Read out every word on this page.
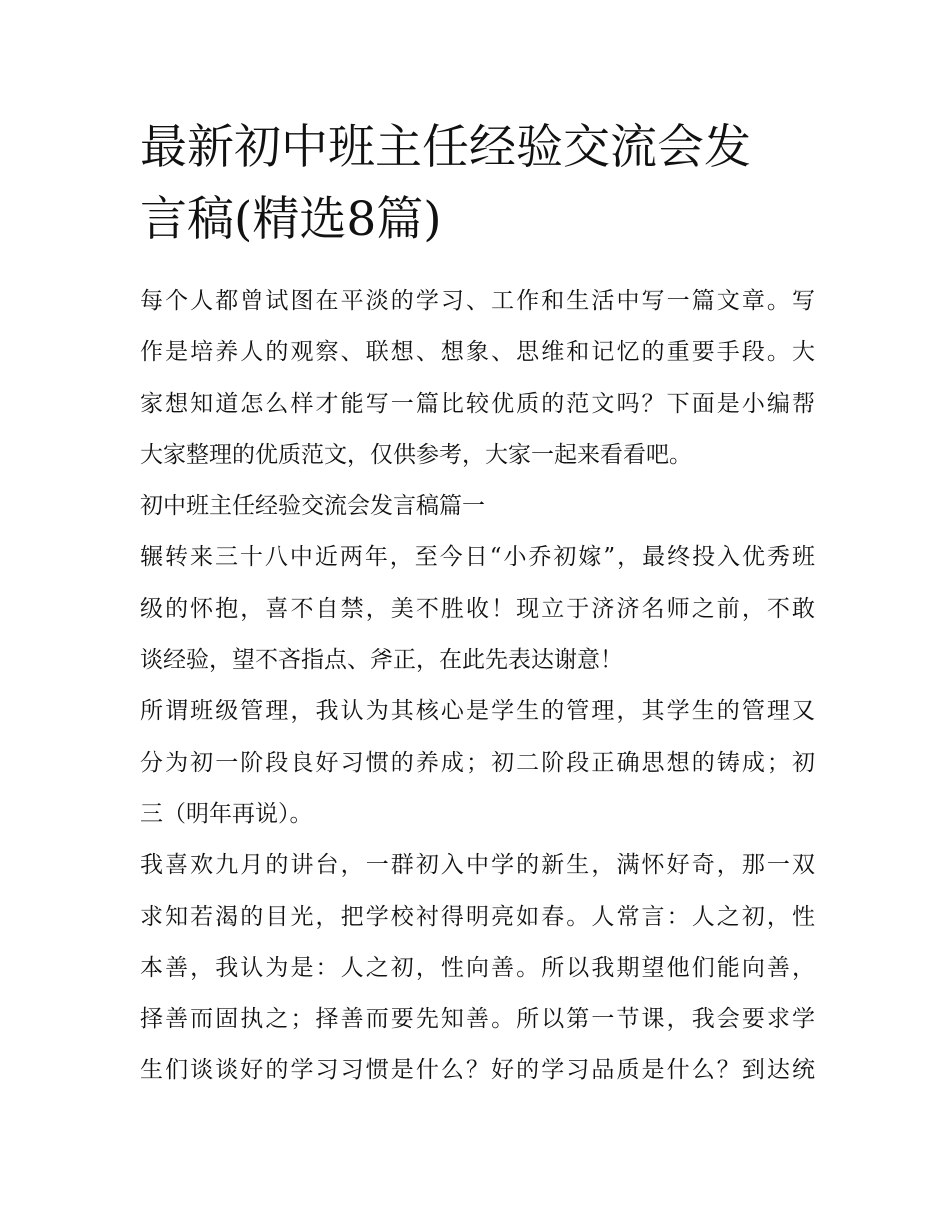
最新初中班主任经验交流会发
言稿(精选8篇)

每个人都曾试图在平淡的学习、工作和生活中写一篇文章。写
作是培养人的观察、联想、想象、思维和记忆的重要手段。大
家想知道怎么样才能写一篇比较优质的范文吗？下面是小编帮
大家整理的优质范文，仅供参考，大家一起来看看吧。

初中班主任经验交流会发言稿篇一

辗转来三十八中近两年，至今日“小乔初嫁”，最终投入优秀班
级的怀抱，喜不自禁，美不胜收！现立于济济名师之前，不敢
谈经验，望不吝指点、斧正，在此先表达谢意！

所谓班级管理，我认为其核心是学生的管理，其学生的管理又
分为初一阶段良好习惯的养成；初二阶段正确思想的铸成；初
三（明年再说）。

我喜欢九月的讲台，一群初入中学的新生，满怀好奇，那一双
求知若渴的目光，把学校衬得明亮如春。人常言：人之初，性
本善，我认为是：人之初，性向善。所以我期望他们能向善，
择善而固执之；择善而要先知善。所以第一节课，我会要求学
生们谈谈好的学习习惯是什么？好的学习品质是什么？到达统
